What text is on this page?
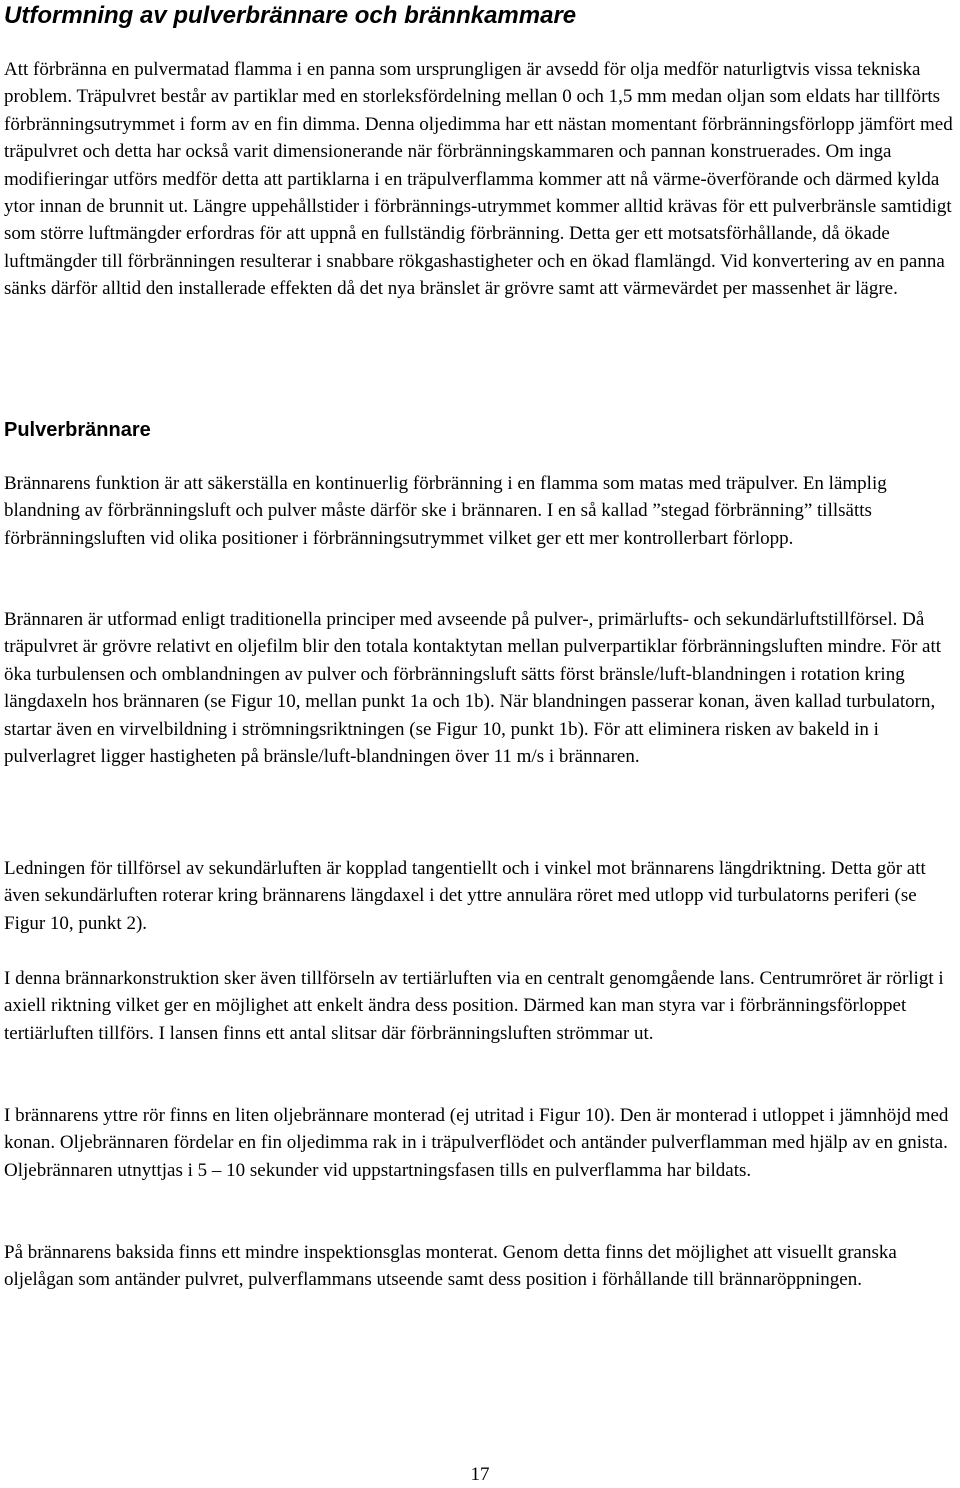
Utformning av pulverbrännare och brännkammare

Att förbränna en pulvermatad flamma i en panna som ursprungligen är avsedd för olja medför naturligtvis vissa tekniska problem. Träpulvret består av partiklar med en storleksfördelning mellan 0 och 1,5 mm medan oljan som eldats har tillförts förbränningsutrymmet i form av en fin dimma. Denna oljedimma har ett nästan momentant förbränningsförlopp jämfört med träpulvret och detta har också varit dimensionerande när förbränningskammaren och pannan konstruerades. Om inga modifieringar utförs medför detta att partiklarna i en träpulverflamma kommer att nå värme-överförande och därmed kylda ytor innan de brunnit ut. Längre uppehållstider i förbrännings-utrymmet kommer alltid krävas för ett pulverbränsle samtidigt som större luftmängder erfordras för att uppnå en fullständig förbränning. Detta ger ett motsatsförhållande, då ökade luftmängder till förbränningen resulterar i snabbare rökgashastigheter och en ökad flamlängd. Vid konvertering av en panna sänks därför alltid den installerade effekten då det nya bränslet är grövre samt att värmevärdet per massenhet är lägre.

Pulverbrännare

Brännarens funktion är att säkerställa en kontinuerlig förbränning i en flamma som matas med träpulver. En lämplig blandning av förbränningsluft och pulver måste därför ske i brännaren. I en så kallad ”stegad förbränning” tillsätts förbränningsluften vid olika positioner i förbränningsutrymmet vilket ger ett mer kontrollerbart förlopp.

Brännaren är utformad enligt traditionella principer med avseende på pulver-, primärlufts- och sekundärluftstillförsel. Då träpulvret är grövre relativt en oljefilm blir den totala kontaktytan mellan pulverpartiklar förbränningsluften mindre. För att öka turbulensen och omblandningen av pulver och förbränningsluft sätts först bränsle/luft-blandningen i rotation kring längdaxeln hos brännaren (se Figur 10, mellan punkt 1a och 1b). När blandningen passerar konan, även kallad turbulatorn, startar även en virvelbildning i strömningsriktningen (se Figur 10, punkt 1b). För att eliminera risken av bakeld in i pulverlagret ligger hastigheten på bränsle/luft-blandningen över 11 m/s i brännaren.

Ledningen för tillförsel av sekundärluften är kopplad tangentiellt och i vinkel mot brännarens längdriktning. Detta gör att även sekundärluften roterar kring brännarens längdaxel i det yttre annulära röret med utlopp vid turbulatorns periferi (se Figur 10, punkt 2).

I denna brännarkonstruktion sker även tillförseln av tertiärluften via en centralt genomgående lans. Centrumröret är rörligt i axiell riktning vilket ger en möjlighet att enkelt ändra dess position. Därmed kan man styra var i förbränningsförloppet tertiärluften tillförs. I lansen finns ett antal slitsar där förbränningsluften strömmar ut.

I brännarens yttre rör finns en liten oljebrännare monterad (ej utritad i Figur 10). Den är monterad i utloppet i jämnhöjd med konan. Oljebrännaren fördelar en fin oljedimma rak in i träpulverflödet och antänder pulverflamman med hjälp av en gnista. Oljebrännaren utnyttjas i 5 – 10 sekunder vid uppstartningsfasen tills en pulverflamma har bildats.

På brännarens baksida finns ett mindre inspektionsglas monterat. Genom detta finns det möjlighet att visuellt granska oljelågan som antänder pulvret, pulverflammans utseende samt dess position i förhållande till brännaröppningen.

17
